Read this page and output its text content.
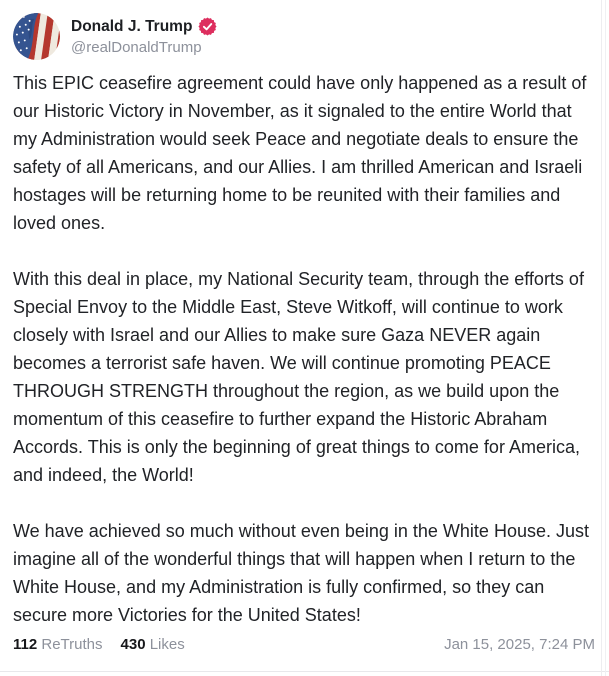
Donald J. Trump
@realDonaldTrump

This EPIC ceasefire agreement could have only happened as a result of our Historic Victory in November, as it signaled to the entire World that my Administration would seek Peace and negotiate deals to ensure the safety of all Americans, and our Allies. I am thrilled American and Israeli hostages will be returning home to be reunited with their families and loved ones.

With this deal in place, my National Security team, through the efforts of Special Envoy to the Middle East, Steve Witkoff, will continue to work closely with Israel and our Allies to make sure Gaza NEVER again becomes a terrorist safe haven. We will continue promoting PEACE THROUGH STRENGTH throughout the region, as we build upon the momentum of this ceasefire to further expand the Historic Abraham Accords. This is only the beginning of great things to come for America, and indeed, the World!

We have achieved so much without even being in the White House. Just imagine all of the wonderful things that will happen when I return to the White House, and my Administration is fully confirmed, so they can secure more Victories for the United States!

112 ReTruths 430 Likes	Jan 15, 2025, 7:24 PM
